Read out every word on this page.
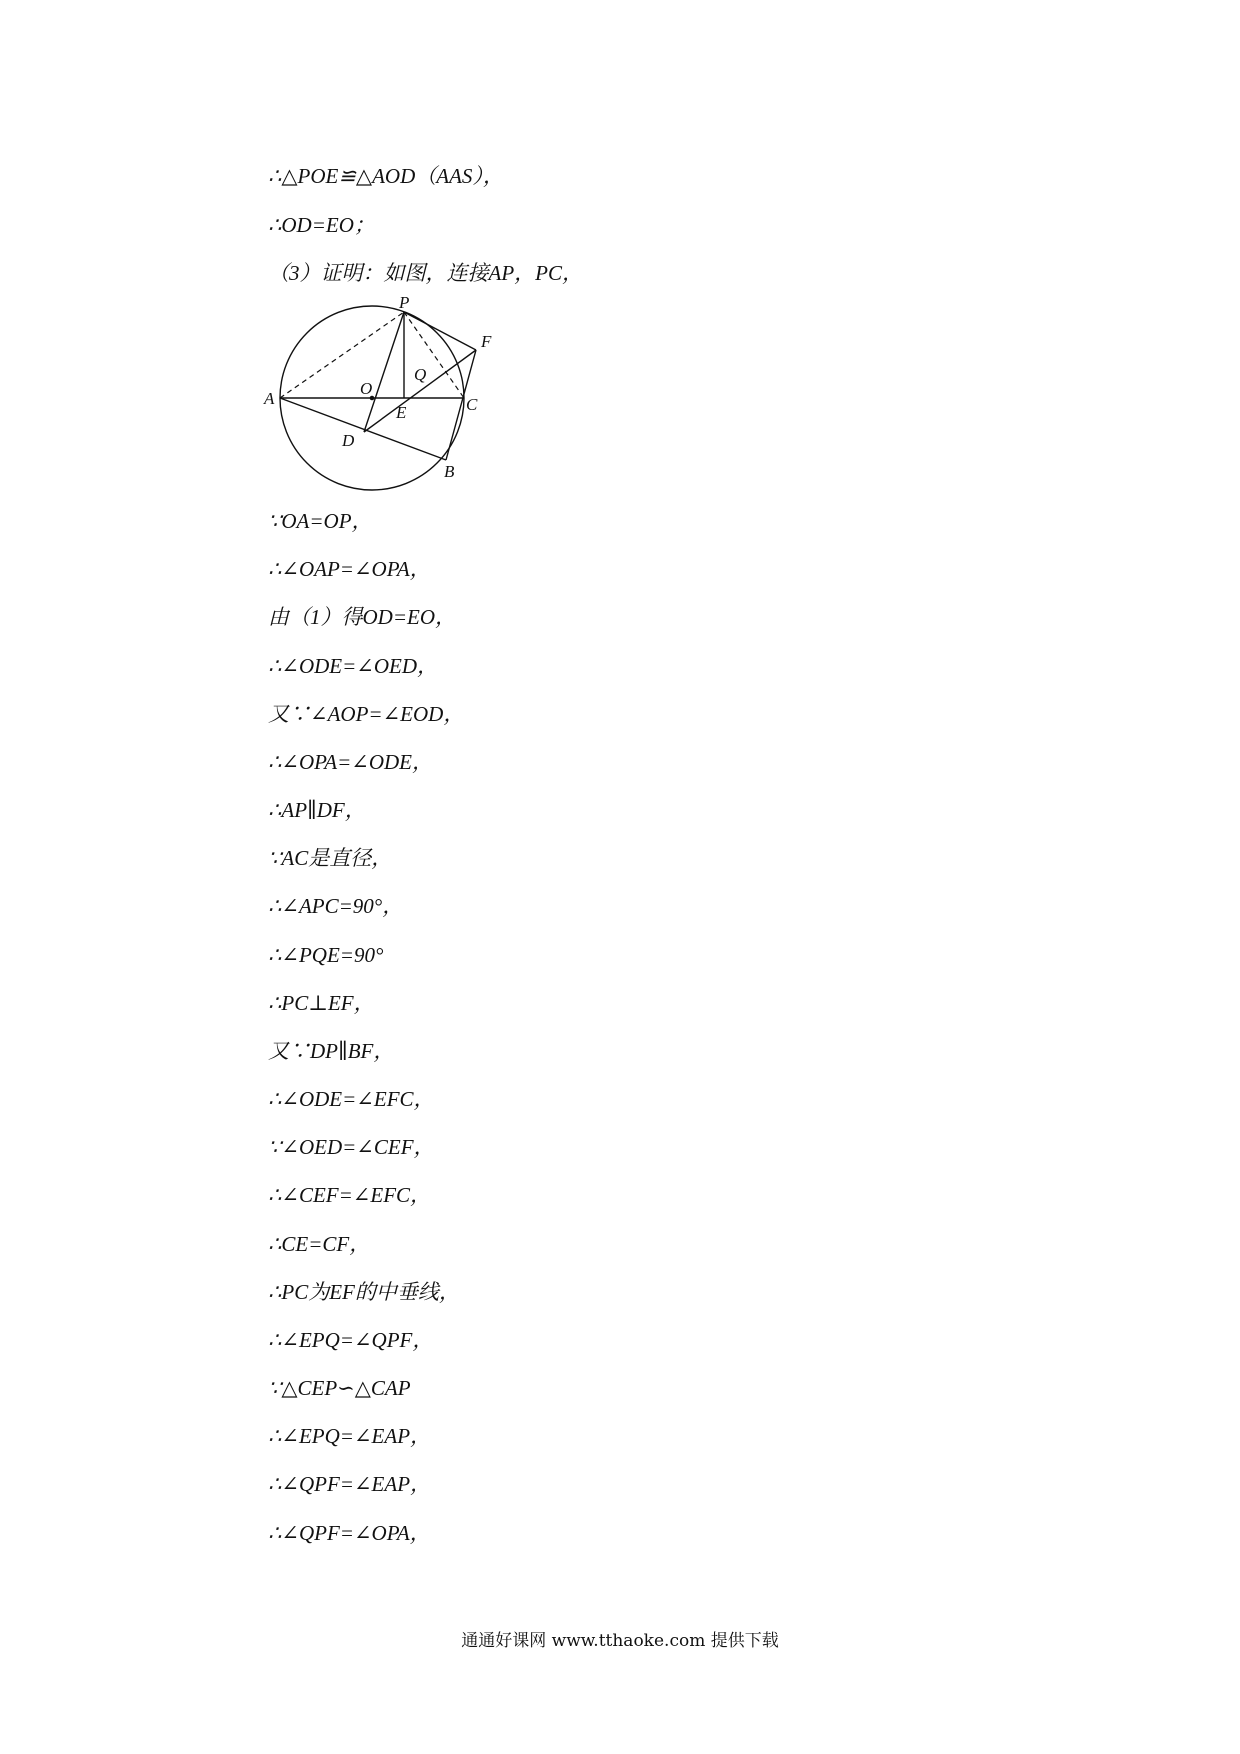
∴△POE≌△AOD（AAS），
∴OD=EO；
（3）证明：如图，连接AP，PC，
P
F
Q
O
A	C
E
D
B
∵OA=OP，
∴∠OAP=∠OPA，
由（1）得OD=EO，
∴∠ODE=∠OED，
又∵∠AOP=∠EOD，
∴∠OPA=∠ODE，
∴AP∥DF，
∵AC是直径，
∴∠APC=90°，
∴∠PQE=90°
∴PC⊥EF，
又∵DP∥BF，
∴∠ODE=∠EFC，
∵∠OED=∠CEF，
∴∠CEF=∠EFC，
∴CE=CF，
∴PC为EF的中垂线，
∴∠EPQ=∠QPF，
∵△CEP∽△CAP
∴∠EPQ=∠EAP，
∴∠QPF=∠EAP，
∴∠QPF=∠OPA，
通通好课网 www.tthaoke.com 提供下载
